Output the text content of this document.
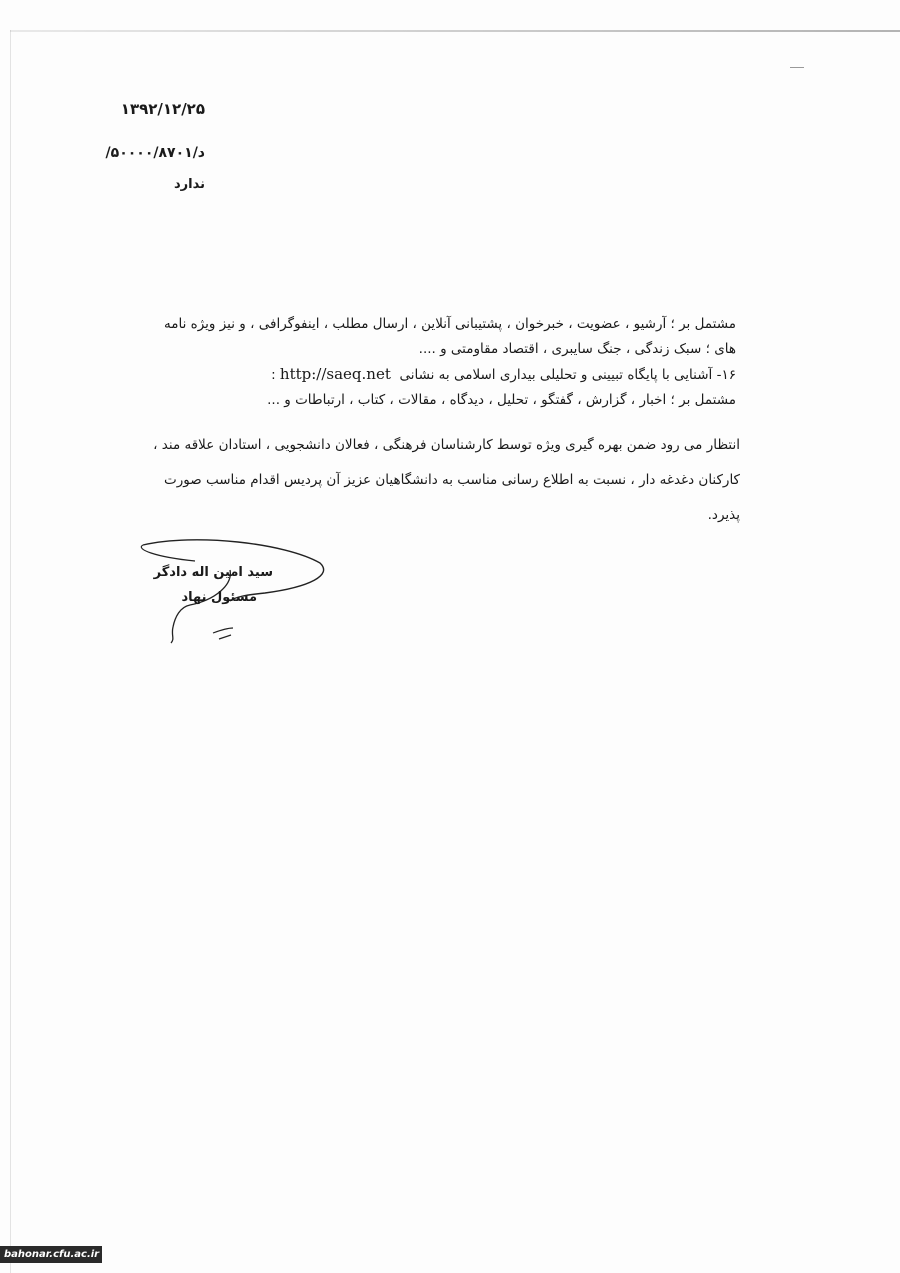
۱۳۹۲/۱۲/۲۵
د/۵۰۰۰۰/۸۷۰۱/
ندارد

مشتمل بر ؛ آرشیو ، عضویت ، خبرخوان ، پشتیبانی آنلاین ، ارسال مطلب ، اینفوگرافی ، و نیز ویژه نامه

های ؛ سبک زندگی ، جنگ سایبری ، اقتصاد مقاومتی و ....

۱۶- آشنایی با پایگاه تبیینی و تحلیلی بیداری اسلامی به نشانی  http://saeq.net :

مشتمل بر ؛ اخبار ، گزارش ، گفتگو ، تحلیل ، دیدگاه ، مقالات ، کتاب ، ارتباطات و ...

انتظار می رود ضمن بهره گیری ویژه توسط کارشناسان فرهنگی ، فعالان دانشجویی ، استادان علاقه مند ،

کارکنان دغدغه دار ، نسبت به اطلاع رسانی مناسب به دانشگاهیان عزیز آن پردیس اقدام مناسب صورت

پذیرد.

سید امین اله دادگر
مسئول نهاد
bahonar.cfu.ac.ir
